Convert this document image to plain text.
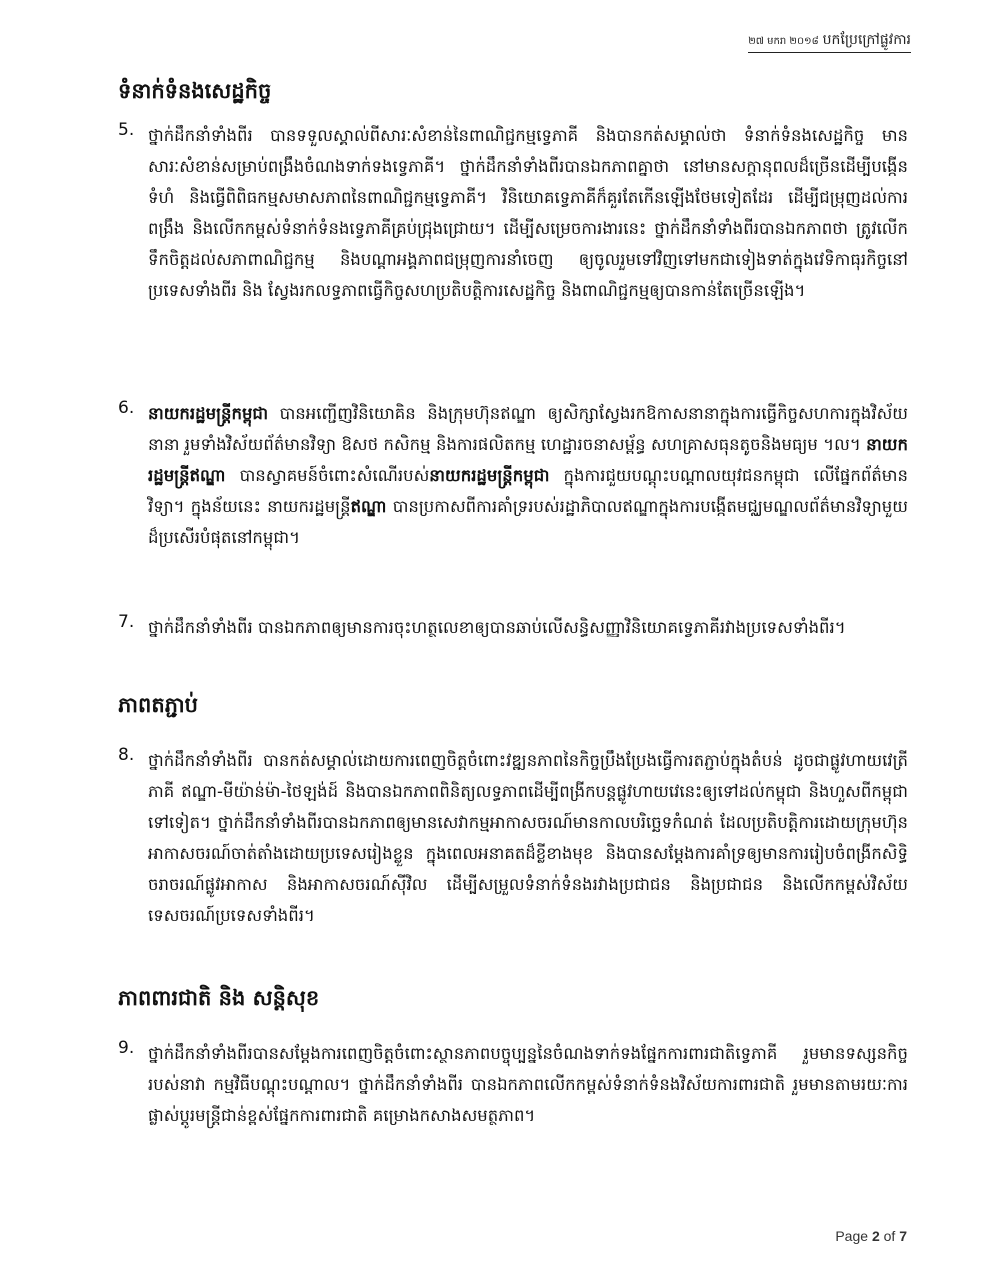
២៧ មករា ២០១៨ បកប្រែក្រៅផ្លូវការ
ទំនាក់ទំនងសេដ្ឋកិច្ច
5. ថ្នាក់ដឹកនាំទាំងពីរ បានទទួលស្គាល់ពីសារៈសំខាន់នៃពាណិជ្ជកម្មទ្វេភាគី និងបានកត់សម្គាល់ថា ទំនាក់ទំនងសេដ្ឋកិច្ច មានសារៈសំខាន់សម្រាប់ពង្រឹងចំណងទាក់ទងទ្វេភាគី។ ថ្នាក់ដឹកនាំទាំងពីរបានឯកភាពគ្នាថា នៅមានសក្តានុពលដ៏ច្រើនដើម្បីបង្កើនទំហំ និងធ្វើពិពិធកម្មសមាសភាពនៃពាណិជ្ជកម្មទ្វេភាគី។ វិនិយោគទ្វេភាគីក៏គួរតែកើនឡើងថែមទៀតដែរ ដើម្បីជម្រុញដល់ការពង្រឹង និងលើកកម្ពស់ទំនាក់ទំនងទ្វេភាគីគ្រប់ជ្រុងជ្រោយ។ ដើម្បីសម្រេចការងារនេះ ថ្នាក់ដឹកនាំទាំងពីរបានឯកភាពថា ត្រូវលើកទឹកចិត្តដល់សភាពាណិជ្ជកម្ម និងបណ្តាអង្គភាពជម្រុញការនាំចេញ ឲ្យចូលរួមទៅវិញទៅមកជាទៀងទាត់ក្នុងវេទិកាធុរកិច្ចនៅប្រទេសទាំងពីរ និង ស្វែងរកលទ្ធភាពធ្វើកិច្ចសហប្រតិបត្តិការសេដ្ឋកិច្ច និងពាណិជ្ជកម្មឲ្យបានកាន់តែច្រើនឡើង។
6. នាយករដ្ឋមន្ត្រីកម្ពុជា បានអញ្ជើញវិនិយោគិន និងក្រុមហ៊ុនឥណ្ឌា ឲ្យសិក្សាស្វែងរកឱកាសនានាក្នុងការធ្វើកិច្ចសហការក្នុងវិស័យនានា រួមទាំងវិស័យព័ត៌មានវិទ្យា ឱសថ កសិកម្ម និងការផលិតកម្ម ហេដ្ឋារចនាសម្ព័ន្ធ សហគ្រាសធុនតូចនិងមធ្យម ។ល។ នាយករដ្ឋមន្ត្រីឥណ្ឌា បានស្វាគមន៍ចំពោះសំណើរបស់នាយករដ្ឋមន្ត្រីកម្ពុជា ក្នុងការជួយបណ្តុះបណ្តាលយុវជនកម្ពុជា លើផ្នែកព័ត៌មានវិទ្យា។ ក្នុងន័យនេះ នាយករដ្ឋមន្ត្រីឥណ្ឌា បានប្រកាសពីការគាំទ្ររបស់រដ្ឋាភិបាលឥណ្ឌាក្នុងការបង្កើតមជ្ឈមណ្ឌលព័ត៌មានវិទ្យាមួយដ៏ប្រសើរបំផុតនៅកម្ពុជា។
7. ថ្នាក់ដឹកនាំទាំងពីរ បានឯកភាពឲ្យមានការចុះហត្ថលេខាឲ្យបានឆាប់លើសន្ធិសញ្ញាវិនិយោគទ្វេភាគីរវាងប្រទេសទាំងពីរ។
ភាពតភ្ជាប់
8. ថ្នាក់ដឹកនាំទាំងពីរ បានកត់សម្គាល់ដោយការពេញចិត្តចំពោះវឌ្ឍនភាពនៃកិច្ចប្រឹងប្រែងធ្វើការតភ្ជាប់ក្នុងតំបន់ ដូចជាផ្លូវហាយវេត្រីភាគី ឥណ្ឌា-មីយ៉ាន់ម៉ា-ថៃឡង់ដ៍ និងបានឯកភាពពិនិត្យលទ្ធភាពដើម្បីពង្រីកបន្តផ្លូវហាយវេនេះឲ្យទៅដល់កម្ពុជា និងហួសពីកម្ពុជាទៅទៀត។ ថ្នាក់ដឹកនាំទាំងពីរបានឯកភាពឲ្យមានសេវាកម្មអាកាសចរណ៍មានកាលបរិច្ឆេទកំណត់ ដែលប្រតិបត្តិការដោយក្រុមហ៊ុនអាកាសចរណ៍ចាត់តាំងដោយប្រទេសរៀងខ្លួន ក្នុងពេលអនាគតដ៏ខ្លីខាងមុខ និងបានសម្តែងការគាំទ្រឲ្យមានការរៀបចំពង្រីកសិទ្ធិចរាចរណ៍ផ្លូវអាកាស និងអាកាសចរណ៍ស៊ីវិល ដើម្បីសម្រួលទំនាក់ទំនងរវាងប្រជាជន និងប្រជាជន និងលើកកម្ពស់វិស័យទេសចរណ៍ប្រទេសទាំងពីរ។
ភាពពារជាតិ និង សន្តិសុខ
9. ថ្នាក់ដឹកនាំទាំងពីរបានសម្តែងការពេញចិត្តចំពោះស្ថានភាពបច្ចុប្បន្ននៃចំណងទាក់ទងផ្នែកការពារជាតិទ្វេភាគី រួមមានទស្សនកិច្ចរបស់នាវា កម្មវិធីបណ្តុះបណ្តាល។ ថ្នាក់ដឹកនាំទាំងពីរ បានឯកភាពលើកកម្ពស់ទំនាក់ទំនងវិស័យការពារជាតិ រួមមានតាមរយៈការផ្លាស់ប្តូរមន្ត្រីជាន់ខ្ពស់ផ្នែកការពារជាតិ គម្រោងកសាងសមត្ថភាព។
Page 2 of 7
